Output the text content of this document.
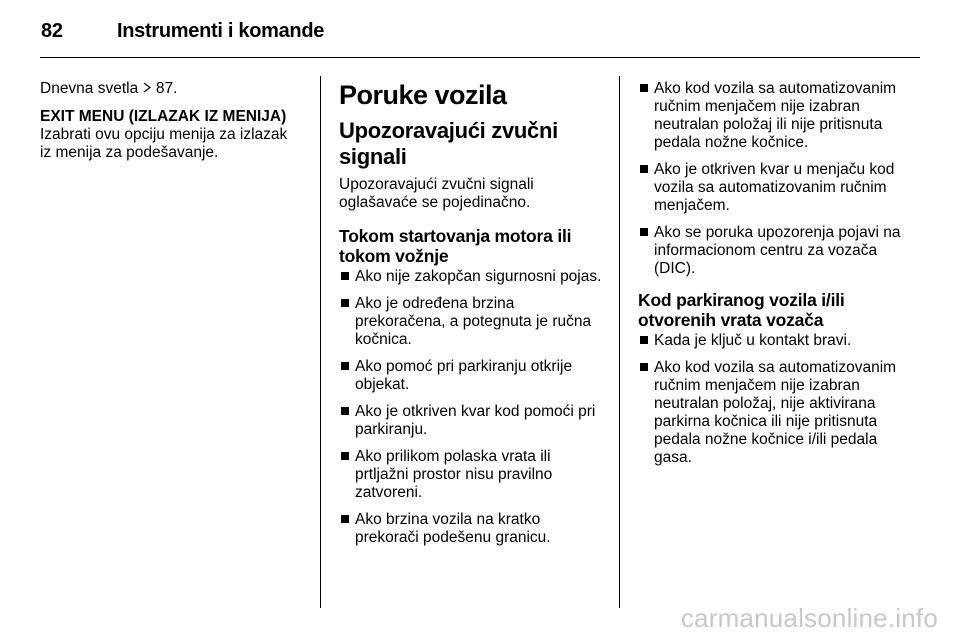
82	Instrumenti i komande

Dnevna svetla 87.

EXIT MENU (IZLAZAK IZ MENIJA)

Izabrati ovu opciju menija za izlazak iz menija za podešavanje.

Poruke vozila
Upozoravajući zvučni signali

Upozoravajući zvučni signali oglašavaće se pojedinačno.

Tokom startovanja motora ili tokom vožnje
Ako nije zakopčan sigurnosni pojas.
Ako je određena brzina prekoračena, a potegnuta je ručna kočnica.
Ako pomoć pri parkiranju otkrije objekat.
Ako je otkriven kvar kod pomoći pri parkiranju.
Ako prilikom polaska vrata ili prtljažni prostor nisu pravilno zatvoreni.
Ako brzina vozila na kratko prekorači podešenu granicu.
Ako kod vozila sa automatizovanim ručnim menjačem nije izabran neutralan položaj ili nije pritisnuta pedala nožne kočnice.
Ako je otkriven kvar u menjaču kod vozila sa automatizovanim ručnim menjačem.
Ako se poruka upozorenja pojavi na informacionom centru za vozača (DIC).
Kod parkiranog vozila i/ili otvorenih vrata vozača
Kada je ključ u kontakt bravi.
Ako kod vozila sa automatizovanim ručnim menjačem nije izabran neutralan položaj, nije aktivirana parkirna kočnica ili nije pritisnuta pedala nožne kočnice i/ili pedala gasa.
carmanualsonline.info
